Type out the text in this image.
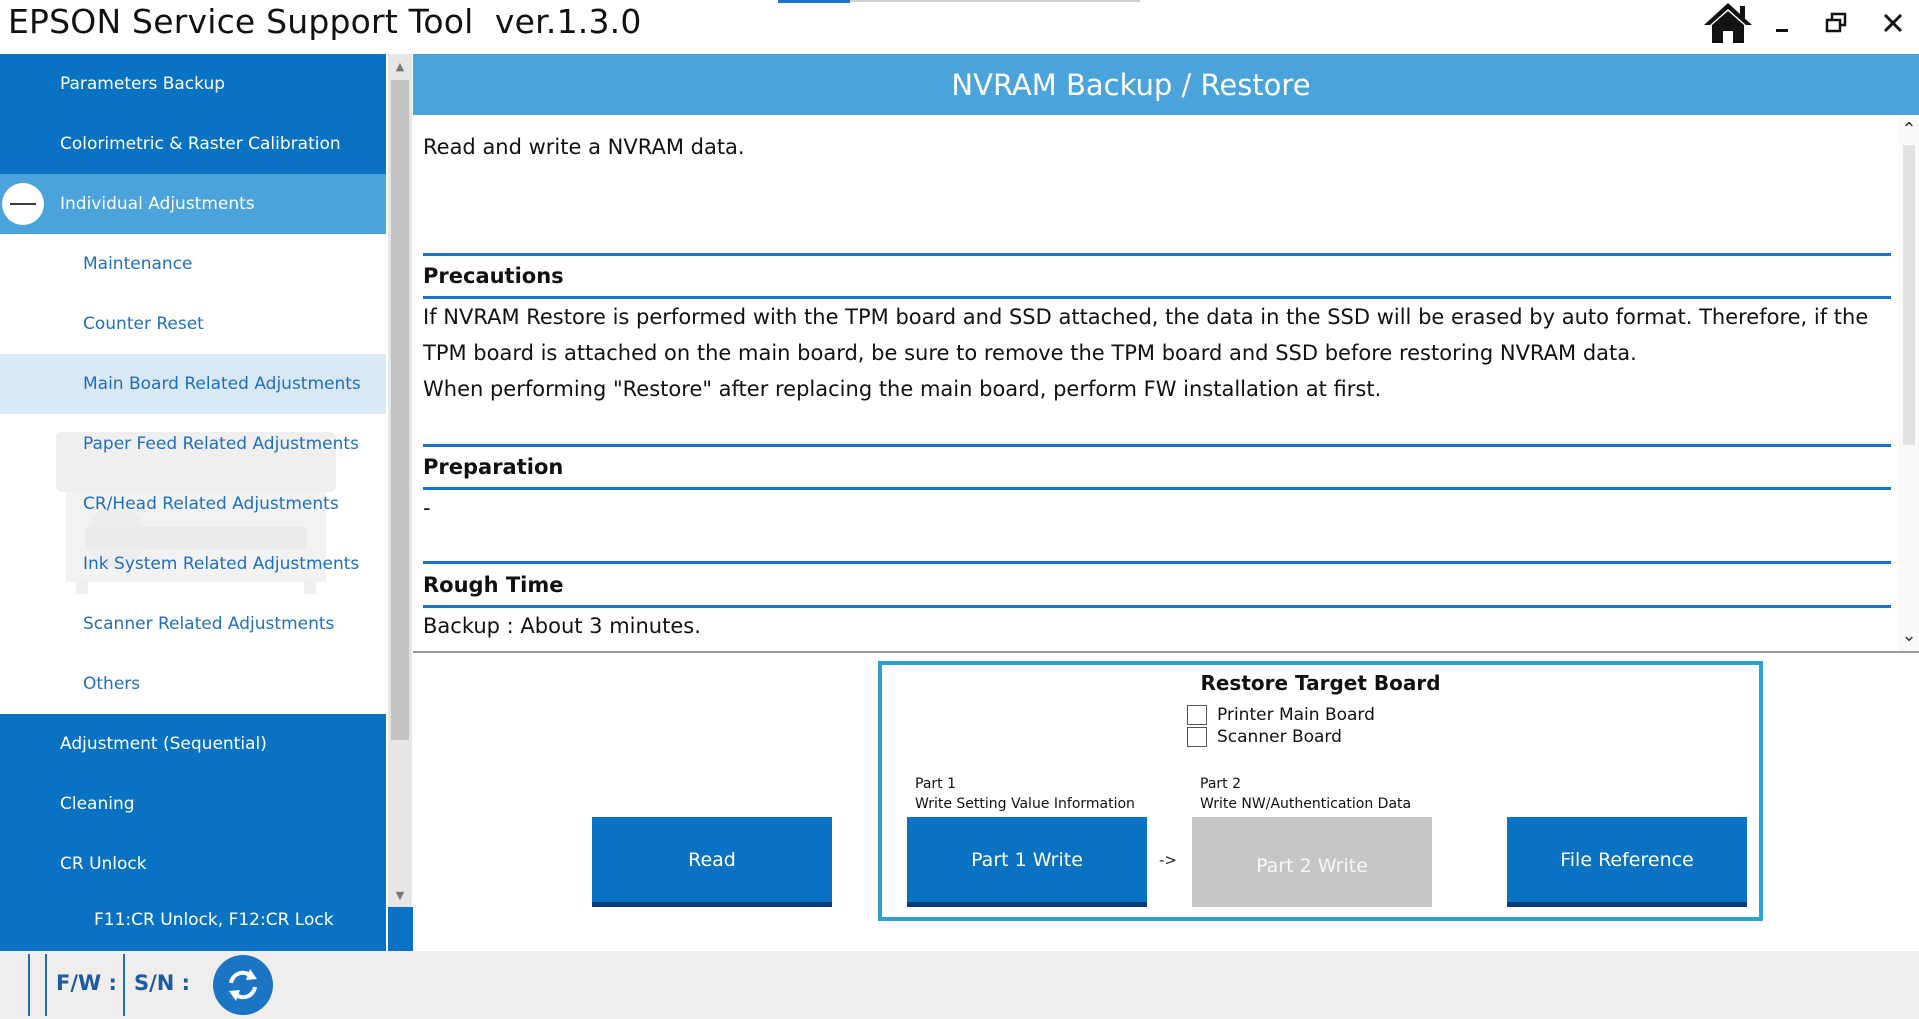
EPSON Service Support Tool  ver.1.3.0
Parameters Backup
Colorimetric & Raster Calibration
Individual Adjustments
Maintenance
Counter Reset
Main Board Related Adjustments
Paper Feed Related Adjustments
CR/Head Related Adjustments
Ink System Related Adjustments
Scanner Related Adjustments
Others
Adjustment (Sequential)
Cleaning
CR Unlock
F11:CR Unlock, F12:CR Lock
▲
▼
NVRAM Backup / Restore
Read and write a NVRAM data.
Precautions
If NVRAM Restore is performed with the TPM board and SSD attached, the data in the SSD will be erased by auto format. Therefore, if the
TPM board is attached on the main board, be sure to remove the TPM board and SSD before restoring NVRAM data.
When performing "Restore" after replacing the main board, perform FW installation at first.
Preparation
-
Rough Time
Backup : About 3 minutes.
⌃
⌄
Restore Target Board
Printer Main Board
Scanner Board
Part 1
Write Setting Value Information
Part 2
Write NW/Authentication Data
Read	Part 1 Write	->	Part 2 Write	File Reference
F/W : S/N :
